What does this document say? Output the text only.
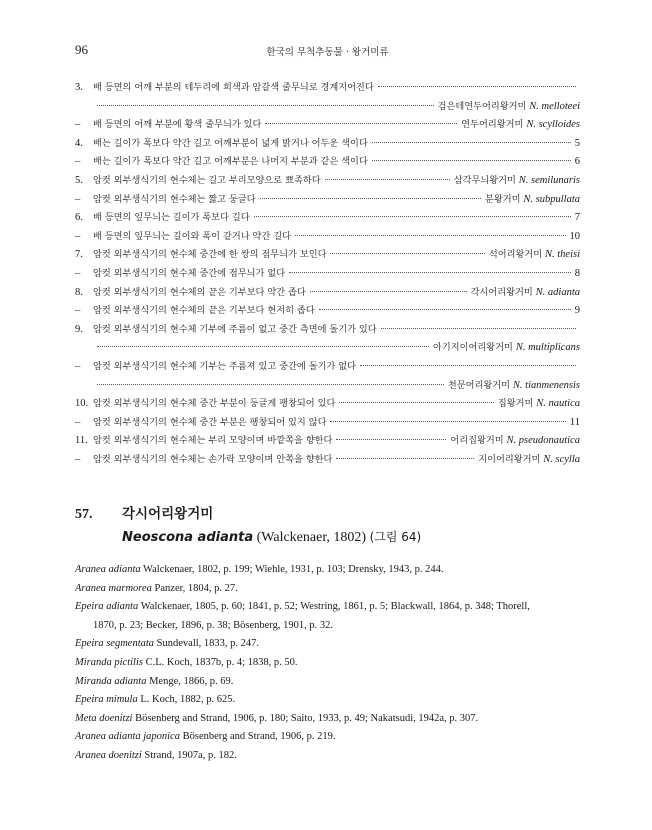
96	한국의 무척추동물 · 왕거미류
3.	배 등면의 어깨 부분의 테두리에 희색과 암갈색 줄무늬로 경계지어진다
검은테연두어리왕거미 N. melloteei
–	배 등면의 어깨 부분에 황색 줄무늬가 있다	연두어리왕거미 N. scylloides
4.	배는 길이가 폭보다 약간 길고 어깨부분이 넓게 밝거나 어두운 색이다	5
–	배는 길이가 폭보다 약간 길고 어깨부분은 나머지 부분과 같은 색이다	6
5.	암컷 외부생식기의 현수체는 길고 부리모양으로 뾰족하다	삼각무늬왕거미 N. semilunaris
–	암컷 외부생식기의 현수체는 짧고 둥글다	분왕거미 N. subpullata
6.	배 등면의 잎무늬는 길이가 폭보다 길다	7
–	배 등면의 잎무늬는 길이와 폭이 같거나 약간 길다	10
7.	암컷 외부생식기의 현수체 중간에 한 쌍의 점무늬가 보인다	석어리왕거미 N. theisi
–	암컷 외부생식기의 현수체 중간에 점무늬가 없다	8
8.	암컷 외부생식기의 현수체의 끝은 기부보다 약간 좁다	각시어리왕거미 N. adianta
–	암컷 외부생식기의 현수체의 끝은 기부보다 현저히 좁다	9
9.	암컷 외부생식기의 현수체 기부에 주름이 없고 중간 측면에 돌기가 있다
아기지이어리왕거미 N. multiplicans
–	암컷 외부생식기의 현수체 기부는 주름져 있고 중간에 돌기가 없다
천문어리왕거미 N. tianmenensis
10. 암컷 외부생식기의 현수체 중간 부분이 둥글게 팽창되어 있다	집왕거미 N. nautica
–	암컷 외부생식기의 현수체 중간 부분은 팽창되어 있지 않다	11
11. 암컷 외부생식기의 현수체는 부리 모양이며 바깥쪽을 향한다	어리집왕거미 N. pseudonautica
–	암컷 외부생식기의 현수체는 손가락 모양이며 안쪽을 향한다	지이어리왕거미 N. scylla
57.	각시어리왕거미
Neoscona adianta (Walckenaer, 1802) (그림 64)

Aranea adianta Walckenaer, 1802, p. 199; Wiehle, 1931, p. 103; Drensky, 1943, p. 244.

Aranea marmorea Panzer, 1804, p. 27.

Epeira adianta Walckenaer, 1805, p. 60; 1841, p. 52; Westring, 1861, p. 5; Blackwall, 1864, p. 348; Thorell,

1870, p. 23; Becker, 1896, p. 38; Bösenberg, 1901, p. 32.

Epeira segmentata Sundevall, 1833, p. 247.

Miranda pictilis C.L. Koch, 1837b, p. 4; 1838, p. 50.

Miranda adianta Menge, 1866, p. 69.

Epeira mimula L. Koch, 1882, p. 625.

Meta doenitzi Bösenberg and Strand, 1906, p. 180; Saito, 1933, p. 49; Nakatsudi, 1942a, p. 307.

Aranea adianta japonica Bösenberg and Strand, 1906, p. 219.

Aranea doenitzi Strand, 1907a, p. 182.
